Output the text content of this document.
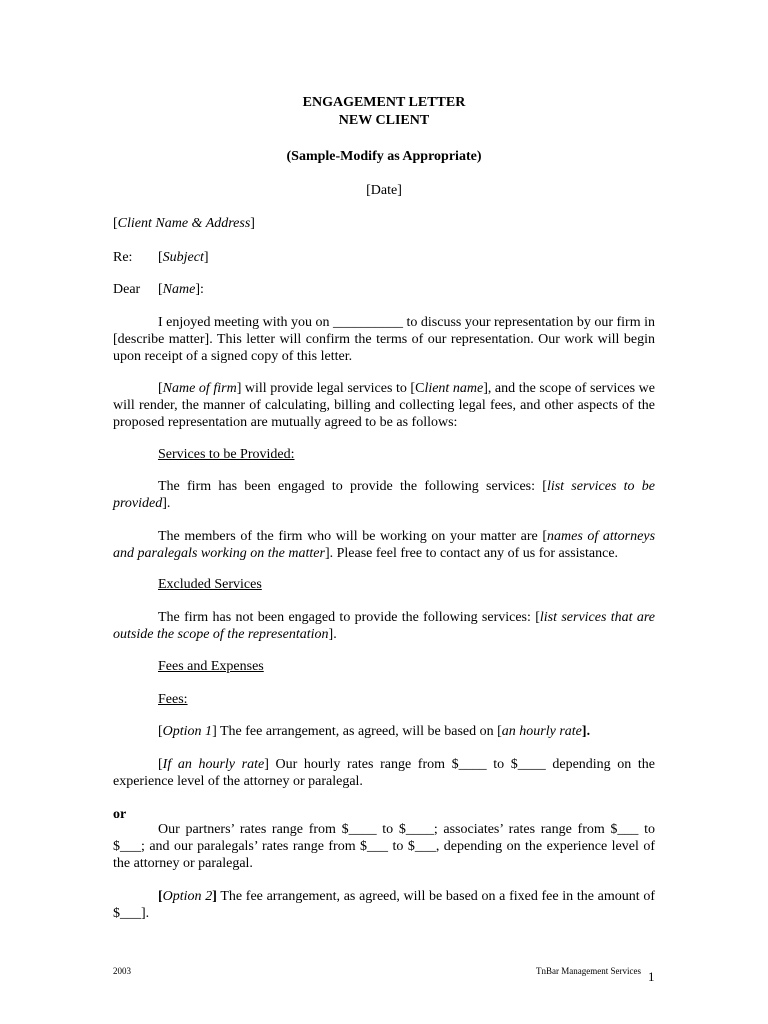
ENGAGEMENT LETTER
NEW CLIENT
(Sample-Modify as Appropriate)
[Date]
[Client Name & Address]
Re: [Subject]
Dear [Name]:
I enjoyed meeting with you on __________ to discuss your representation by our firm in [describe matter]. This letter will confirm the terms of our representation. Our work will begin upon receipt of a signed copy of this letter.
[Name of firm] will provide legal services to [Client name], and the scope of services we will render, the manner of calculating, billing and collecting legal fees, and other aspects of the proposed representation are mutually agreed to be as follows:
Services to be Provided:
The firm has been engaged to provide the following services: [list services to be provided].
The members of the firm who will be working on your matter are [names of attorneys and paralegals working on the matter]. Please feel free to contact any of us for assistance.
Excluded Services
The firm has not been engaged to provide the following services: [list services that are outside the scope of the representation].
Fees and Expenses
Fees:
[Option 1] The fee arrangement, as agreed, will be based on [an hourly rate].
[If an hourly rate] Our hourly rates range from $____ to $____ depending on the experience level of the attorney or paralegal.
or
Our partners’ rates range from $____ to $____; associates’ rates range from $___ to $___; and our paralegals’ rates range from $___ to $___, depending on the experience level of the attorney or paralegal.
[Option 2] The fee arrangement, as agreed, will be based on a fixed fee in the amount of $___].
2003	TnBar Management Services 1
